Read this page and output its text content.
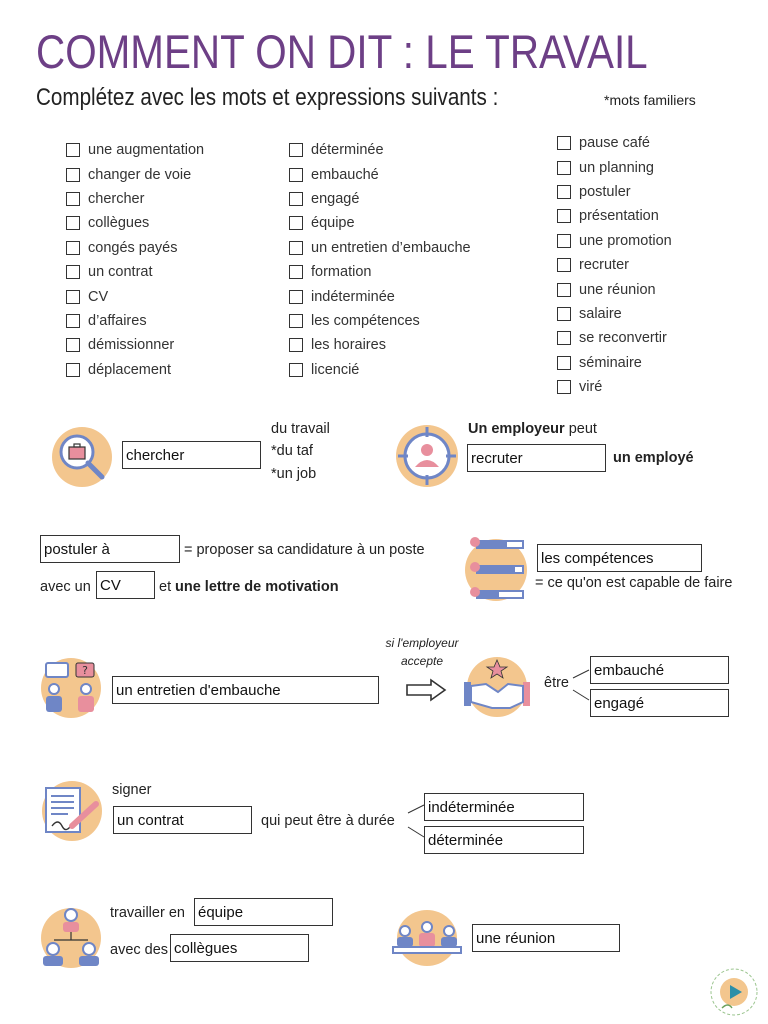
COMMENT ON DIT : LE TRAVAIL
Complétez avec les mots et expressions suivants :	*mots familiers
une augmentation
changer de voie
chercher
collègues
congés payés
un contrat
CV
d’affaires
démissionner
déplacement
déterminée
embauché
engagé
équipe
un entretien d’embauche
formation
indéterminée
les compétences
les horaires
licencié
pause café
un planning
postuler
présentation
une promotion
recruter
une réunion
salaire
se reconvertir
séminaire
viré
chercher
du travail
*du taf
*un job
Un employeur peut
recruter	un employé
postuler à	= proposer sa candidature à un poste
avec un CV	et une lettre de motivation
les compétences
= ce qu'on est capable de faire
?
un entretien d'embauche
si l'employeur
accepte
être
embauché
engagé
signer
un contrat	qui peut être à durée
indéterminée
déterminée
travailler en équipe
avec des collègues
une réunion
